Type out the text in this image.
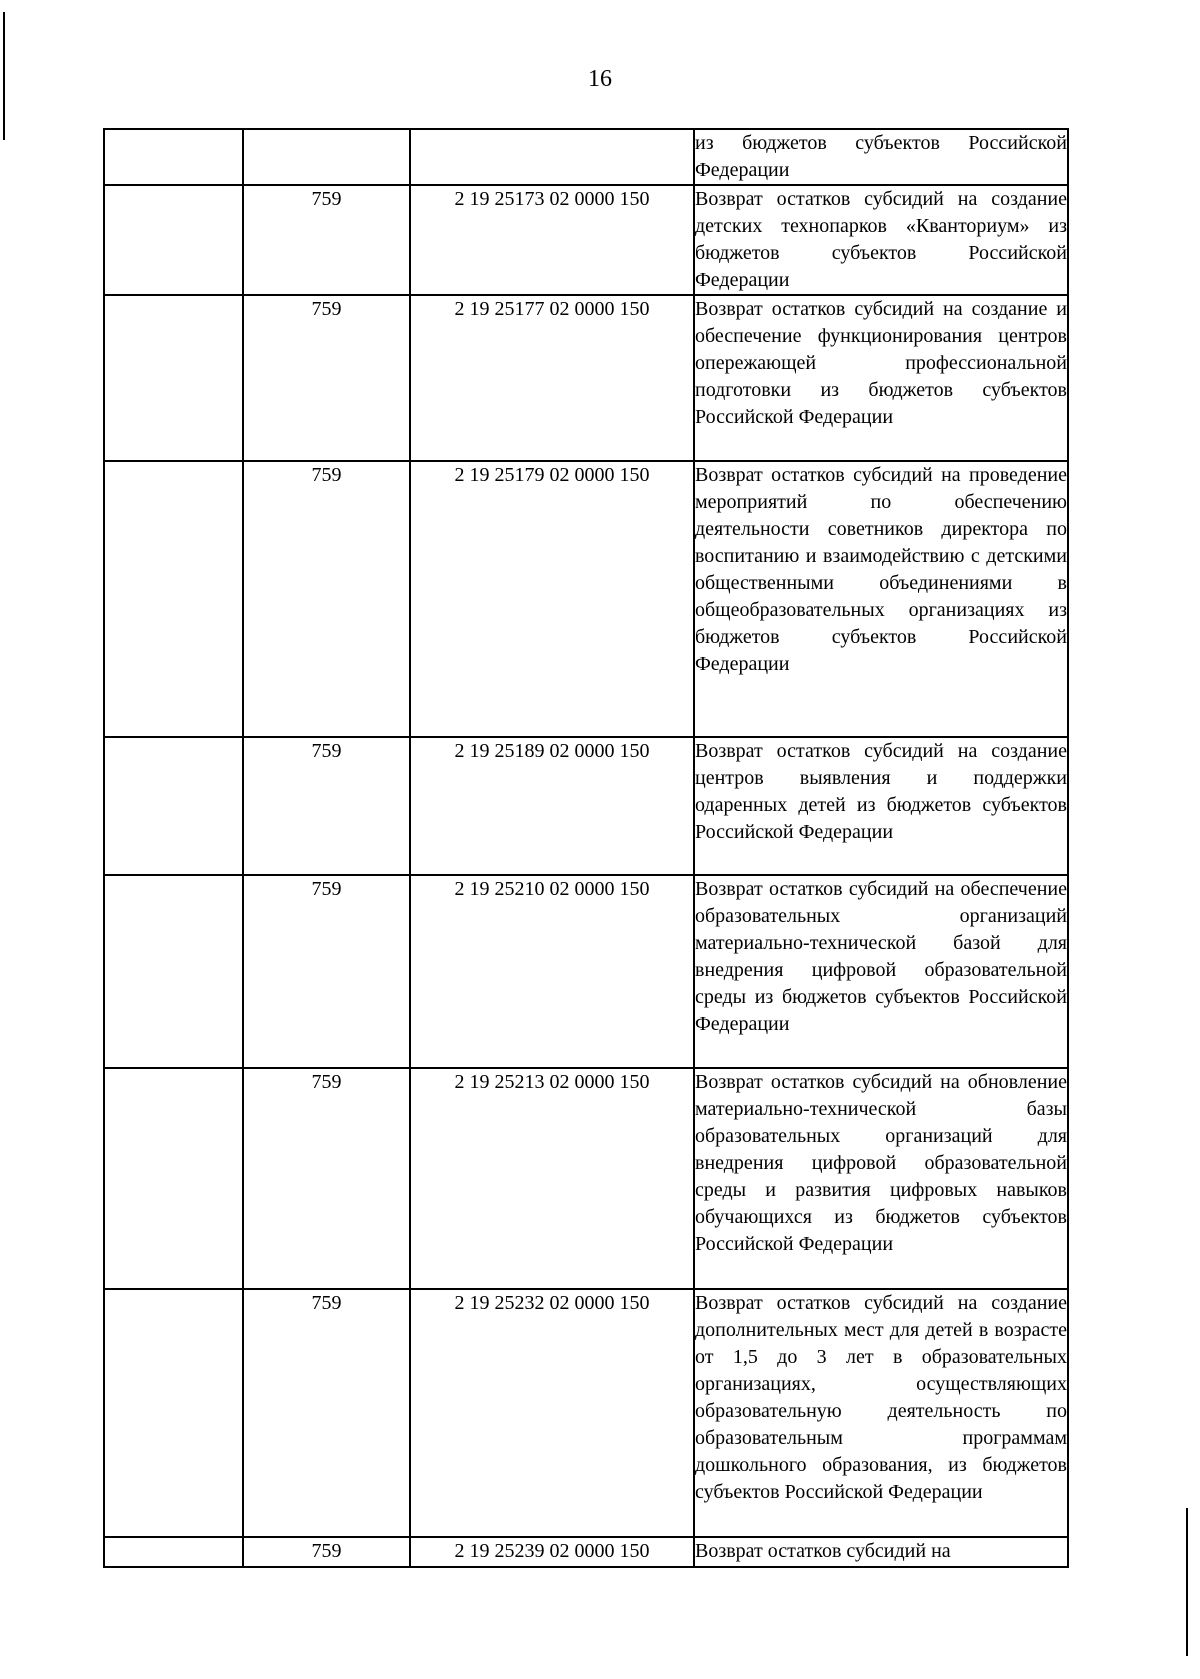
16

			из бюджетов субъектов Российской Федерации

	759	2 19 25173 02 0000 150	Возврат остатков субсидий на создание детских технопарков «Кванториум» из бюджетов субъектов Российской Федерации

	759	2 19 25177 02 0000 150	Возврат остатков субсидий на создание и обеспечение функционирования центров опережающей профессиональной подготовки из бюджетов субъектов Российской Федерации

	759	2 19 25179 02 0000 150	Возврат остатков субсидий на проведение мероприятий по обеспечению деятельности советников директора по воспитанию и взаимодействию с детскими общественными объединениями в общеобразовательных организациях из бюджетов субъектов Российской Федерации

	759	2 19 25189 02 0000 150	Возврат остатков субсидий на создание центров выявления и поддержки одаренных детей из бюджетов субъектов Российской Федерации

	759	2 19 25210 02 0000 150	Возврат остатков субсидий на обеспечение образовательных организаций материально-технической базой для внедрения цифровой образовательной среды из бюджетов субъектов Российской Федерации

	759	2 19 25213 02 0000 150	Возврат остатков субсидий на обновление материально-технической базы образовательных организаций для внедрения цифровой образовательной среды и развития цифровых навыков обучающихся из бюджетов субъектов Российской Федерации

	759	2 19 25232 02 0000 150	Возврат остатков субсидий на создание дополнительных мест для детей в возрасте от 1,5 до 3 лет в образовательных организациях, осуществляющих образовательную деятельность по образовательным программам дошкольного образования, из бюджетов субъектов Российской Федерации

	759	2 19 25239 02 0000 150	Возврат остатков субсидий на
